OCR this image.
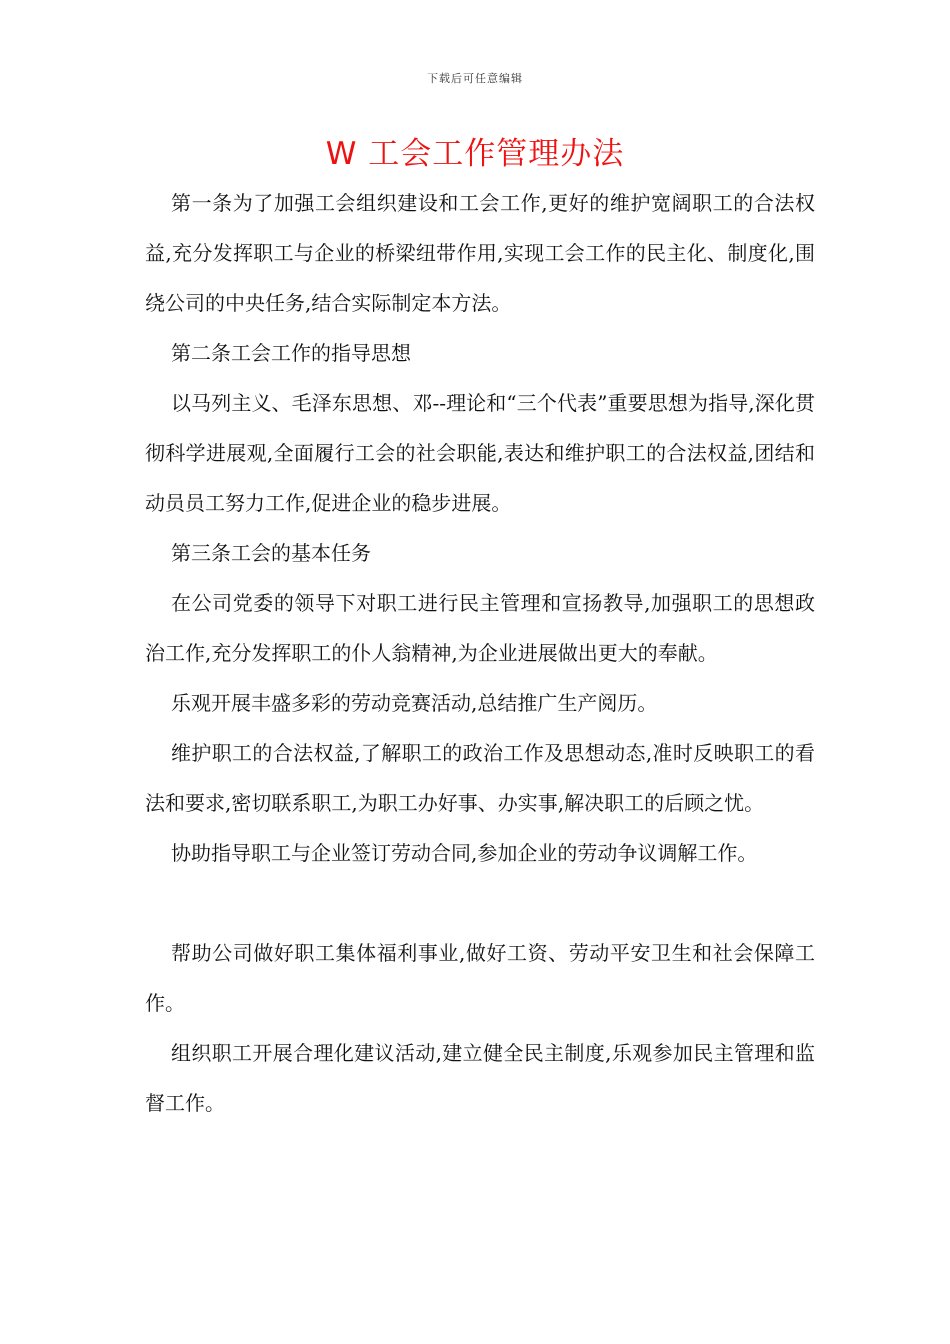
下载后可任意编辑
W 工会工作管理办法

第一条为了加强工会组织建设和工会工作,更好的维护宽阔职工的合法权益,充分发挥职工与企业的桥梁纽带作用,实现工会工作的民主化、制度化,围绕公司的中央任务,结合实际制定本方法。

第二条工会工作的指导思想

以马列主义、毛泽东思想、邓--理论和“三个代表”重要思想为指导,深化贯彻科学进展观,全面履行工会的社会职能,表达和维护职工的合法权益,团结和动员员工努力工作,促进企业的稳步进展。

第三条工会的基本任务

在公司党委的领导下对职工进行民主管理和宣扬教导,加强职工的思想政治工作,充分发挥职工的仆人翁精神,为企业进展做出更大的奉献。

乐观开展丰盛多彩的劳动竞赛活动,总结推广生产阅历。

维护职工的合法权益,了解职工的政治工作及思想动态,准时反映职工的看法和要求,密切联系职工,为职工办好事、办实事,解决职工的后顾之忧。

协助指导职工与企业签订劳动合同,参加企业的劳动争议调解工作。

帮助公司做好职工集体福利事业,做好工资、劳动平安卫生和社会保障工作。

组织职工开展合理化建议活动,建立健全民主制度,乐观参加民主管理和监督工作。
